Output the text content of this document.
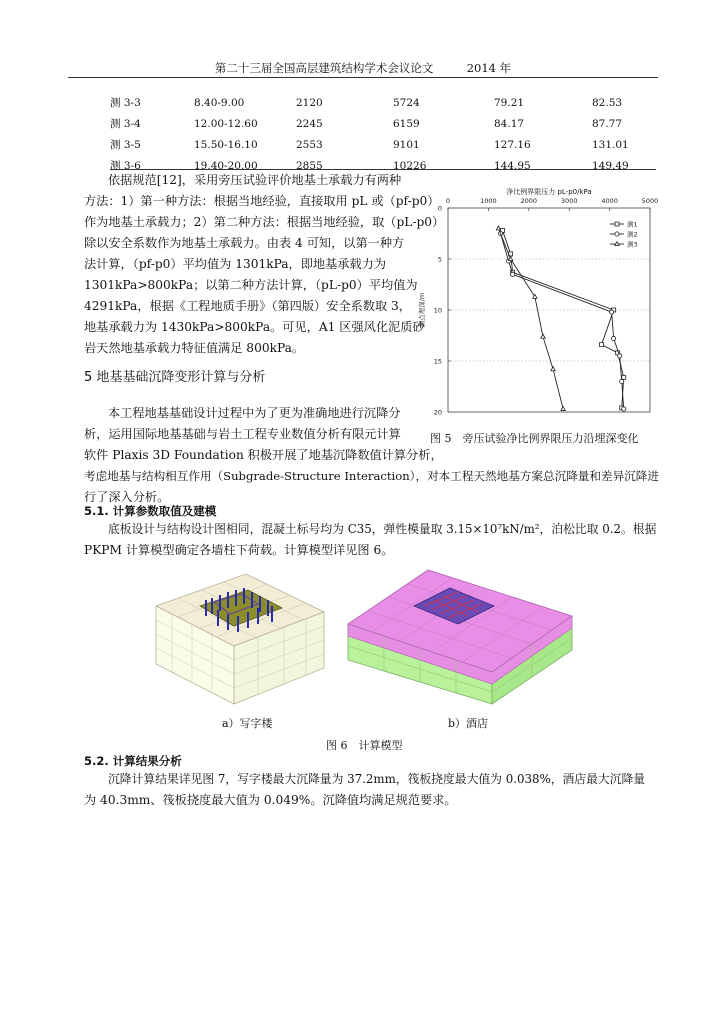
第二十三届全国高层建筑结构学术会议论文	2014 年
测 3-3	8.40-9.00	2120	5724	79.21	82.53
测 3-4	12.00-12.60	2245	6159	84.17	87.77
测 3-5	15.50-16.10	2553	9101	127.16	131.01
测 3-6	19.40-20.00	2855	10226	144.95	149.49
依据规范[12]，采用旁压试验评价地基土承载力有两种
方法：1）第一种方法：根据当地经验，直接取用 pL 或（pf-p0）
作为地基土承载力；2）第二种方法：根据当地经验，取（pL-p0）
除以安全系数作为地基土承载力。由表 4 可知，以第一种方
法计算，（pf-p0）平均值为 1301kPa，即地基承载力为
1301kPa>800kPa；以第二种方法计算，（pL-p0）平均值为
4291kPa，根据《工程地质手册》（第四版）安全系数取 3，
地基承载力为 1430kPa>800kPa。可见，A1 区强风化泥质砂
岩天然地基承载力特征值满足 800kPa。
净比例界限压力 pL-p0/kPa
0	1000	2000	3000	4000	5000
0
5
10
15
20
测点埋深/m
测1
测2
测3
图 5　旁压试验净比例界限压力沿埋深变化
5 地基基础沉降变形计算与分析
本工程地基基础设计过程中为了更为准确地进行沉降分
析，运用国际地基基础与岩土工程专业数值分析有限元计算
软件 Plaxis 3D Foundation 积极开展了地基沉降数值计算分析，
考虑地基与结构相互作用（Subgrade-Structure Interaction），对本工程天然地基方案总沉降量和差异沉降进
行了深入分析。
5.1. 计算参数取值及建模
底板设计与结构设计图相同，混凝土标号均为 C35，弹性模量取 3.15×10⁷kN/m²，泊松比取 0.2。根据
PKPM 计算模型确定各墙柱下荷载。计算模型详见图 6。
a）写字楼	b）酒店
图 6　计算模型
5.2. 计算结果分析
沉降计算结果详见图 7，写字楼最大沉降量为 37.2mm，筏板挠度最大值为 0.038%，酒店最大沉降量
为 40.3mm、筏板挠度最大值为 0.049%。沉降值均满足规范要求。
